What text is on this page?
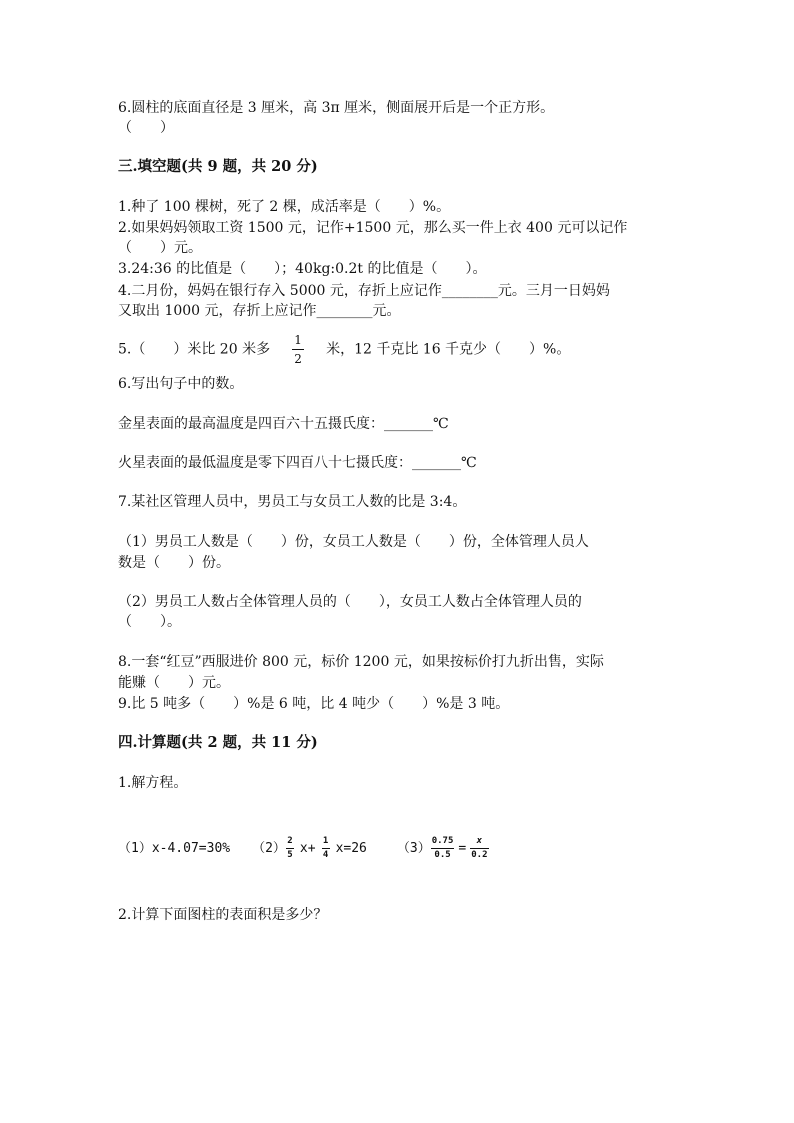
6.圆柱的底面直径是 3 厘米，高 3π 厘米，侧面展开后是一个正方形。
（　　）
三.填空题(共 9 题，共 20 分)
1.种了 100 棵树，死了 2 棵，成活率是（　　）%。
2.如果妈妈领取工资 1500 元，记作+1500 元，那么买一件上衣 400 元可以记作
（　　）元。
3.24:36 的比值是（　　）；40kg:0.2t 的比值是（　　）。
4.二月份，妈妈在银行存入 5000 元，存折上应记作________元。三月一日妈妈
又取出 1000 元，存折上应记作________元。
5.（　　）米比 20 米多 $\frac{1}{2}$ 米，12 千克比 16 千克少（　　）%。
6.写出句子中的数。
金星表面的最高温度是四百六十五摄氏度：_______℃
火星表面的最低温度是零下四百八十七摄氏度：_______℃
7.某社区管理人员中，男员工与女员工人数的比是 3:4。
（1）男员工人数是（　　）份，女员工人数是（　　）份，全体管理人员人
数是（　　）份。
（2）男员工人数占全体管理人员的（　　），女员工人数占全体管理人员的
（　　）。
8.一套“红豆”西服进价 800 元，标价 1200 元，如果按标价打九折出售，实际
能赚（　　）元。
9.比 5 吨多（　　）%是 6 吨，比 4 吨少（　　）%是 3 吨。
四.计算题(共 2 题，共 11 分)
1.解方程。
（1）x-4.07=30% $(2) \frac{2}{5} x+ \frac{1}{4} x=26$ $(3) \frac{0.75}{0.5} = \frac{x}{0.2}$
2.计算下面图柱的表面积是多少？
